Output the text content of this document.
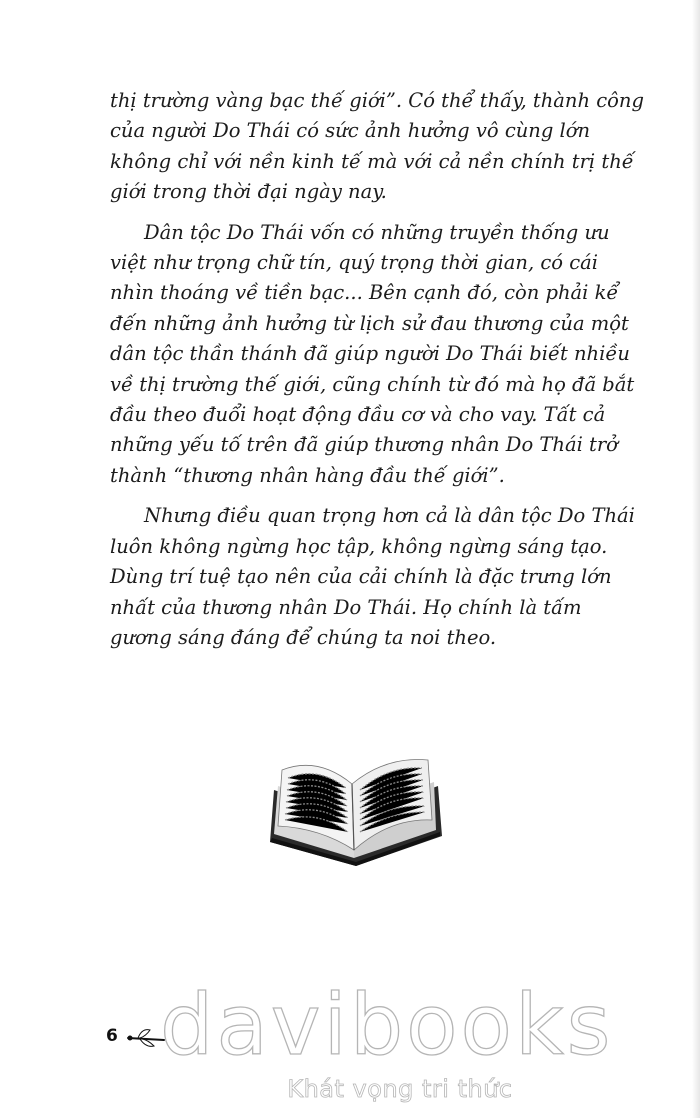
thị trường vàng bạc thế giới”. Có thể thấy, thành công
của người Do Thái có sức ảnh hưởng vô cùng lớn
không chỉ với nền kinh tế mà với cả nền chính trị thế
giới trong thời đại ngày nay.

Dân tộc Do Thái vốn có những truyền thống ưu
việt như trọng chữ tín, quý trọng thời gian, có cái
nhìn thoáng về tiền bạc... Bên cạnh đó, còn phải kể
đến những ảnh hưởng từ lịch sử đau thương của một
dân tộc thần thánh đã giúp người Do Thái biết nhiều
về thị trường thế giới, cũng chính từ đó mà họ đã bắt
đầu theo đuổi hoạt động đầu cơ và cho vay. Tất cả
những yếu tố trên đã giúp thương nhân Do Thái trở
thành “thương nhân hàng đầu thế giới”.

Nhưng điều quan trọng hơn cả là dân tộc Do Thái
luôn không ngừng học tập, không ngừng sáng tạo.
Dùng trí tuệ tạo nên của cải chính là đặc trưng lớn
nhất của thương nhân Do Thái. Họ chính là tấm
gương sáng đáng để chúng ta noi theo.

6 davibooks
Khát vọng tri thức
